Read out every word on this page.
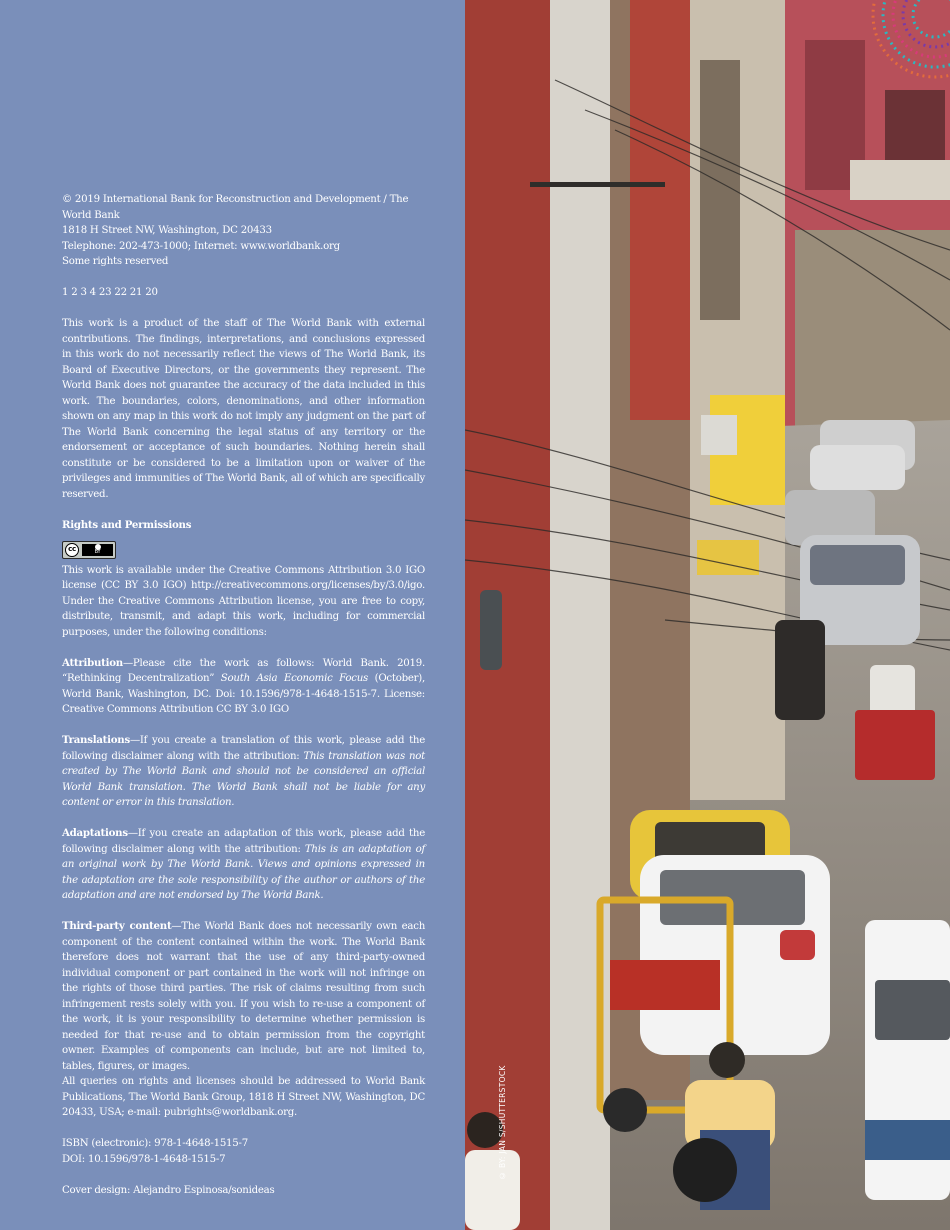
© 2019 International Bank for Reconstruction and Development / The World Bank
1818 H Street NW, Washington, DC 20433
Telephone: 202-473-1000; Internet: www.worldbank.org
Some rights reserved

1 2 3 4 23 22 21 20

This work is a product of the staff of The World Bank with external contributions. The findings, interpretations, and conclusions expressed in this work do not necessarily reflect the views of The World Bank, its Board of Executive Directors, or the governments they represent. The World Bank does not guarantee the accuracy of the data included in this work. The boundaries, colors, denominations, and other information shown on any map in this work do not imply any judgment on the part of The World Bank concerning the legal status of any territory or the endorsement or acceptance of such boundaries. Nothing herein shall constitute or be considered to be a limitation upon or waiver of the privileges and immunities of The World Bank, all of which are specifically reserved.

Rights and Permissions

cc	BY

This work is available under the Creative Commons Attribution 3.0 IGO license (CC BY 3.0 IGO) http://creativecommons.org/licenses/by/3.0/igo. Under the Creative Commons Attribution license, you are free to copy, distribute, transmit, and adapt this work, including for commercial purposes, under the following conditions:

Attribution—Please cite the work as follows: World Bank. 2019. “Rethinking Decentralization” South Asia Economic Focus (October), World Bank, Washington, DC. Doi: 10.1596/978-1-4648-1515-7. License: Creative Commons Attribution CC BY 3.0 IGO

Translations—If you create a translation of this work, please add the following disclaimer along with the attribution: This translation was not created by The World Bank and should not be considered an official World Bank translation. The World Bank shall not be liable for any content or error in this translation.

Adaptations—If you create an adaptation of this work, please add the following disclaimer along with the attribution: This is an adaptation of an original work by The World Bank. Views and opinions expressed in the adaptation are the sole responsibility of the author or authors of the adaptation and are not endorsed by The World Bank.

Third-party content—The World Bank does not necessarily own each component of the content contained within the work. The World Bank therefore does not warrant that the use of any third-party-owned individual component or part contained in the work will not infringe on the rights of those third parties. The risk of claims resulting from such infringement rests solely with you. If you wish to re-use a component of the work, it is your responsibility to determine whether permission is needed for that re-use and to obtain permission from the copyright owner. Examples of components can include, but are not limited to, tables, figures, or images.

All queries on rights and licenses should be addressed to World Bank Publications, The World Bank Group, 1818 H Street NW, Washington, DC 20433, USA; e-mail: pubrights@worldbank.org.

ISBN (electronic): 978-1-4648-1515-7
DOI: 10.1596/978-1-4648-1515-7

Cover design: Alejandro Espinosa/sonideas

© BY: JAN S/SHUTTERSTOCK
